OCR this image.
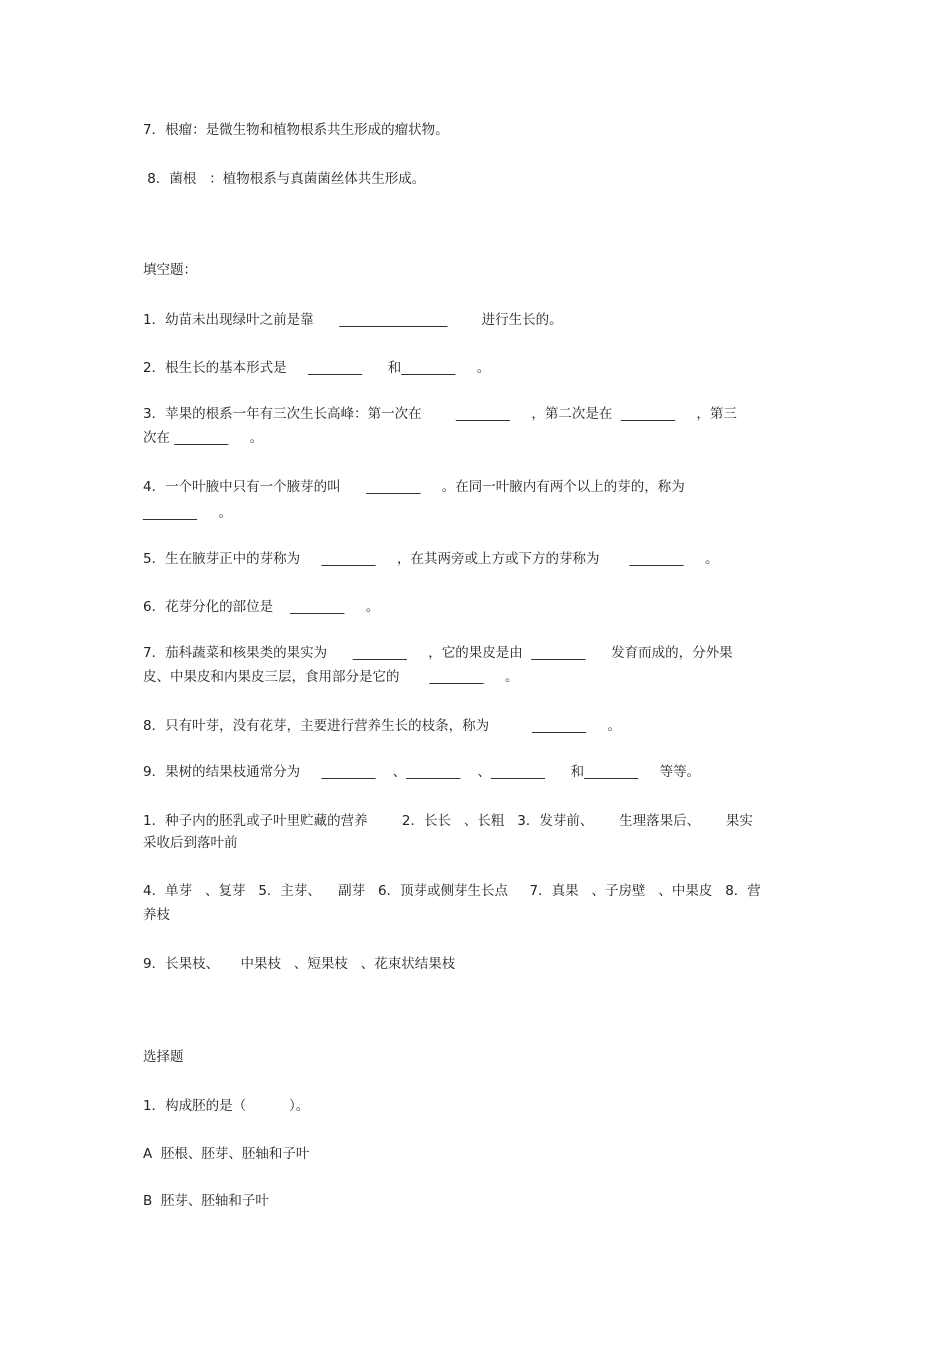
7．根瘤：是微生物和植物根系共生形成的瘤状物。
8．菌根   ：植物根系与真菌菌丝体共生形成。
填空题：
1．幼苗未出现绿叶之前是靠      ________________        进行生长的。
2．根生长的基本形式是     ________      和________     。
3．苹果的根系一年有三次生长高峰：第一次在        ________     ，第二次是在  ________     ，第三
次在 ________     。
4．一个叶腋中只有一个腋芽的叫      ________     。在同一叶腋内有两个以上的芽的，称为
________     。
5．生在腋芽正中的芽称为     ________     ，在其两旁或上方或下方的芽称为       ________     。
6．花芽分化的部位是    ________     。
7．茄科蔬菜和核果类的果实为      ________     ，它的果皮是由  ________      发育而成的，分外果
皮、中果皮和内果皮三层，食用部分是它的       ________     。
8．只有叶芽，没有花芽，主要进行营养生长的枝条，称为          ________     。
9．果树的结果枝通常分为     ________    、________    、________      和________     等等。
1．种子内的胚乳或子叶里贮藏的营养        2．长长   、长粗   3．发芽前、      生理落果后、      果实
采收后到落叶前
4．单芽   、复芽   5．主芽、    副芽   6．顶芽或侧芽生长点     7．真果   、子房壁   、中果皮   8．营
养枝
9．长果枝、     中果枝   、短果枝   、花束状结果枝
选择题
1．构成胚的是（          ）。
A  胚根、胚芽、胚轴和子叶
B  胚芽、胚轴和子叶
